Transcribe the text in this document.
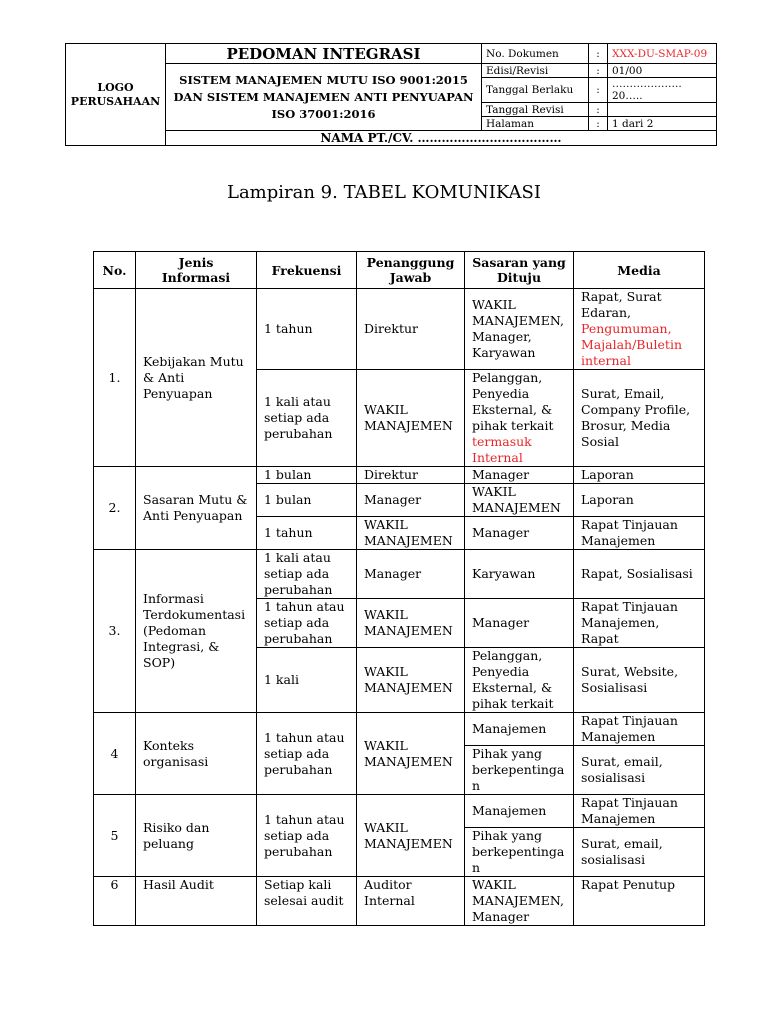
LOGO
PERUSAHAAN	PEDOMAN INTEGRASI	No. Dokumen	:	XXX-DU-SMAP-09
	SISTEM MANAJEMEN MUTU ISO 9001:2015 DAN SISTEM MANAJEMEN ANTI PENYUAPAN ISO 37001:2016	Edisi/Revisi	:	01/00
		Tanggal Berlaku	:	……………….. 20…..
		Tanggal Revisi	:	
		Halaman	:	1 dari 2
	NAMA PT./CV. ………………………………			
Lampiran 9. TABEL KOMUNIKASI
No.	Jenis Informasi	Frekuensi	Penanggung Jawab	Sasaran yang Dituju	Media
1.	Kebijakan Mutu & Anti Penyuapan	1 tahun	Direktur	WAKIL MANAJEMEN, Manager, Karyawan	Rapat, Surat Edaran, Pengumuman, Majalah/Buletin internal
		1 kali atau setiap ada perubahan	WAKIL MANAJEMEN	Pelanggan, Penyedia Eksternal, & pihak terkait termasuk Internal	Surat, Email, Company Profile, Brosur, Media Sosial
2.	Sasaran Mutu & Anti Penyuapan	1 bulan	Direktur	Manager	Laporan
		1 bulan	Manager	WAKIL MANAJEMEN	Laporan
		1 tahun	WAKIL MANAJEMEN	Manager	Rapat Tinjauan Manajemen
3.	Informasi Terdokumentasi (Pedoman Integrasi, & SOP)	1 kali atau setiap ada perubahan	Manager	Karyawan	Rapat, Sosialisasi
		1 tahun atau setiap ada perubahan	WAKIL MANAJEMEN	Manager	Rapat Tinjauan Manajemen, Rapat
		1 kali	WAKIL MANAJEMEN	Pelanggan, Penyedia Eksternal, & pihak terkait	Surat, Website, Sosialisasi
4	Konteks organisasi	1 tahun atau setiap ada perubahan	WAKIL MANAJEMEN	Manajemen	Rapat Tinjauan Manajemen
				Pihak yang berkepentinga n	Surat, email, sosialisasi
5	Risiko dan peluang	1 tahun atau setiap ada perubahan	WAKIL MANAJEMEN	Manajemen	Rapat Tinjauan Manajemen
				Pihak yang berkepentinga n	Surat, email, sosialisasi
6	Hasil Audit	Setiap kali selesai audit	Auditor Internal	WAKIL MANAJEMEN, Manager	Rapat Penutup
